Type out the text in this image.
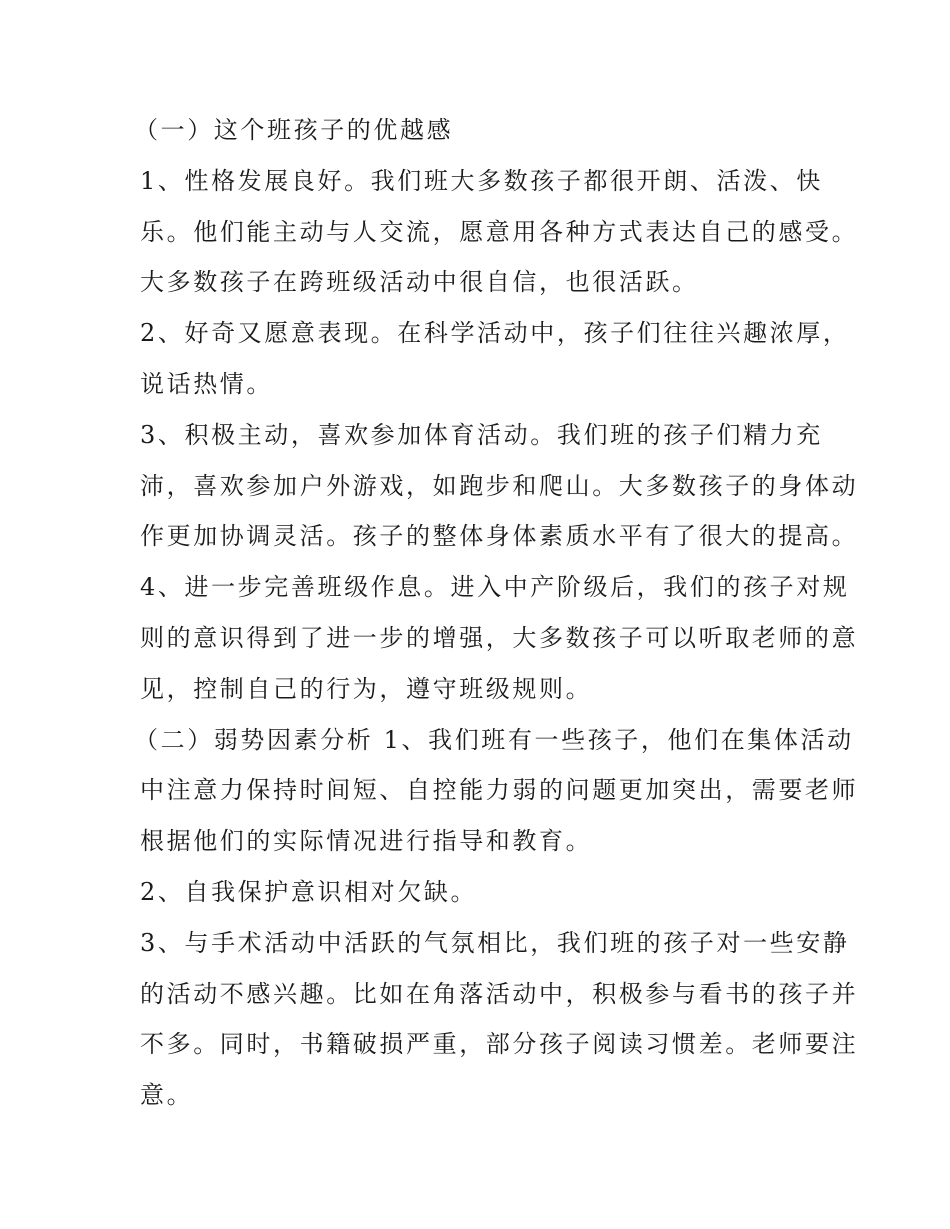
（一）这个班孩子的优越感
1、性格发展良好。我们班大多数孩子都很开朗、活泼、快
乐。他们能主动与人交流，愿意用各种方式表达自己的感受。
大多数孩子在跨班级活动中很自信，也很活跃。
2、好奇又愿意表现。在科学活动中，孩子们往往兴趣浓厚，
说话热情。
3、积极主动，喜欢参加体育活动。我们班的孩子们精力充
沛，喜欢参加户外游戏，如跑步和爬山。大多数孩子的身体动
作更加协调灵活。孩子的整体身体素质水平有了很大的提高。
4、进一步完善班级作息。进入中产阶级后，我们的孩子对规
则的意识得到了进一步的增强，大多数孩子可以听取老师的意
见，控制自己的行为，遵守班级规则。
（二）弱势因素分析 1、我们班有一些孩子，他们在集体活动
中注意力保持时间短、自控能力弱的问题更加突出，需要老师
根据他们的实际情况进行指导和教育。
2、自我保护意识相对欠缺。
3、与手术活动中活跃的气氛相比，我们班的孩子对一些安静
的活动不感兴趣。比如在角落活动中，积极参与看书的孩子并
不多。同时，书籍破损严重，部分孩子阅读习惯差。老师要注
意。
